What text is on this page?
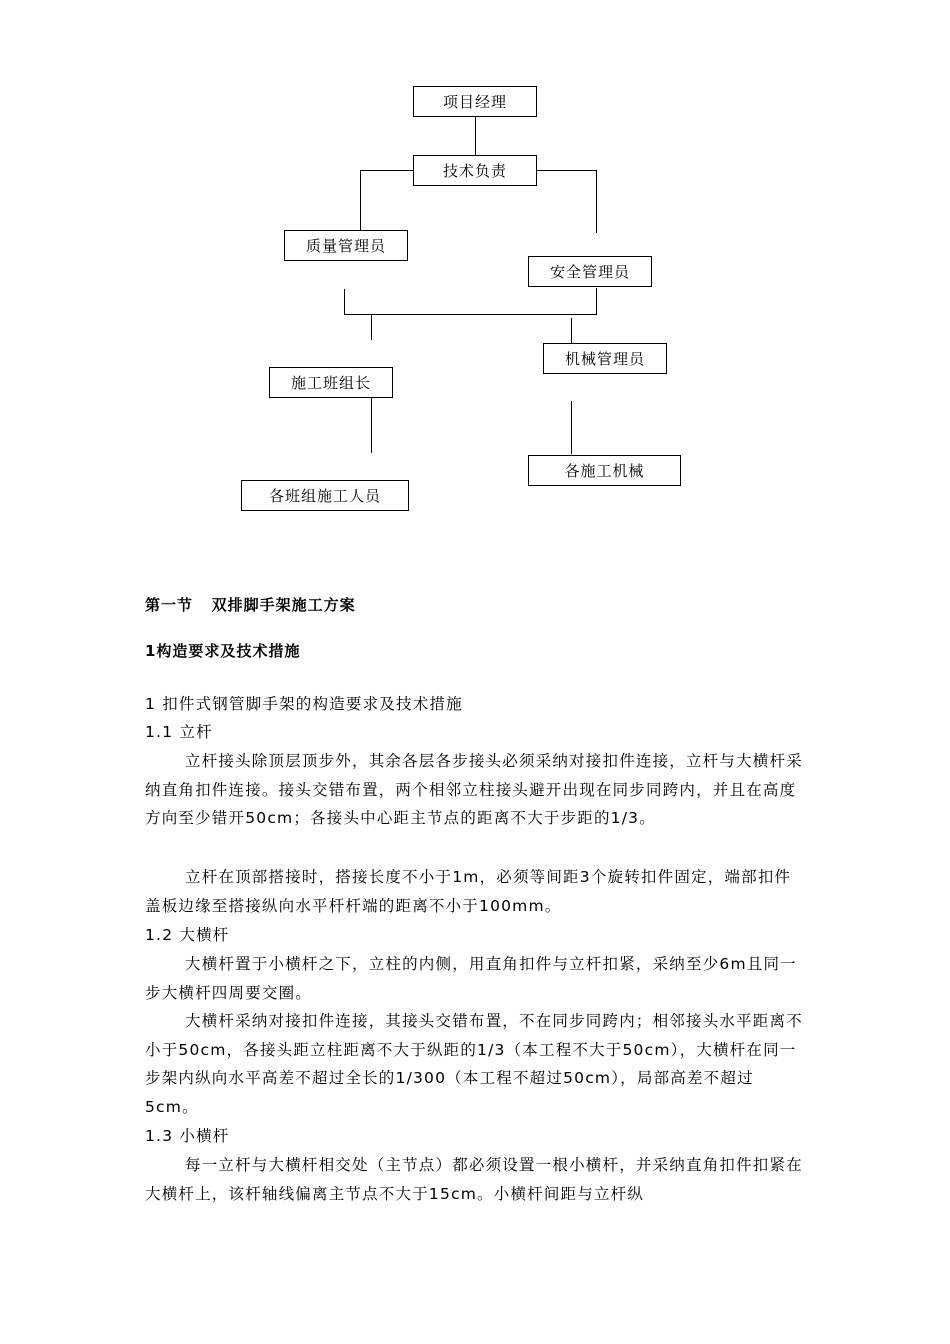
项目经理
技术负责
质量管理员
安全管理员
施工班组长
机械管理员
各班组施工人员
各施工机械
第一节   双排脚手架施工方案
1构造要求及技术措施
1 扣件式钢管脚手架的构造要求及技术措施
1.1 立杆
立杆接头除顶层顶步外，其余各层各步接头必须采纳对接扣件连接，立杆与大横杆采纳直角扣件连接。接头交错布置，两个相邻立柱接头避开出现在同步同跨内，并且在高度方向至少错开50cm；各接头中心距主节点的距离不大于步距的1/3。
立杆在顶部搭接时，搭接长度不小于1m，必须等间距3个旋转扣件固定，端部扣件盖板边缘至搭接纵向水平杆杆端的距离不小于100mm。
1.2 大横杆
大横杆置于小横杆之下，立柱的内侧，用直角扣件与立杆扣紧，采纳至少6m且同一步大横杆四周要交圈。
大横杆采纳对接扣件连接，其接头交错布置，不在同步同跨内；相邻接头水平距离不小于50cm，各接头距立柱距离不大于纵距的1/3（本工程不大于50cm），大横杆在同一步架内纵向水平高差不超过全长的1/300（本工程不超过50cm），局部高差不超过5cm。
1.3 小横杆
每一立杆与大横杆相交处（主节点）都必须设置一根小横杆，并采纳直角扣件扣紧在大横杆上，该杆轴线偏离主节点不大于15cm。小横杆间距与立杆纵
